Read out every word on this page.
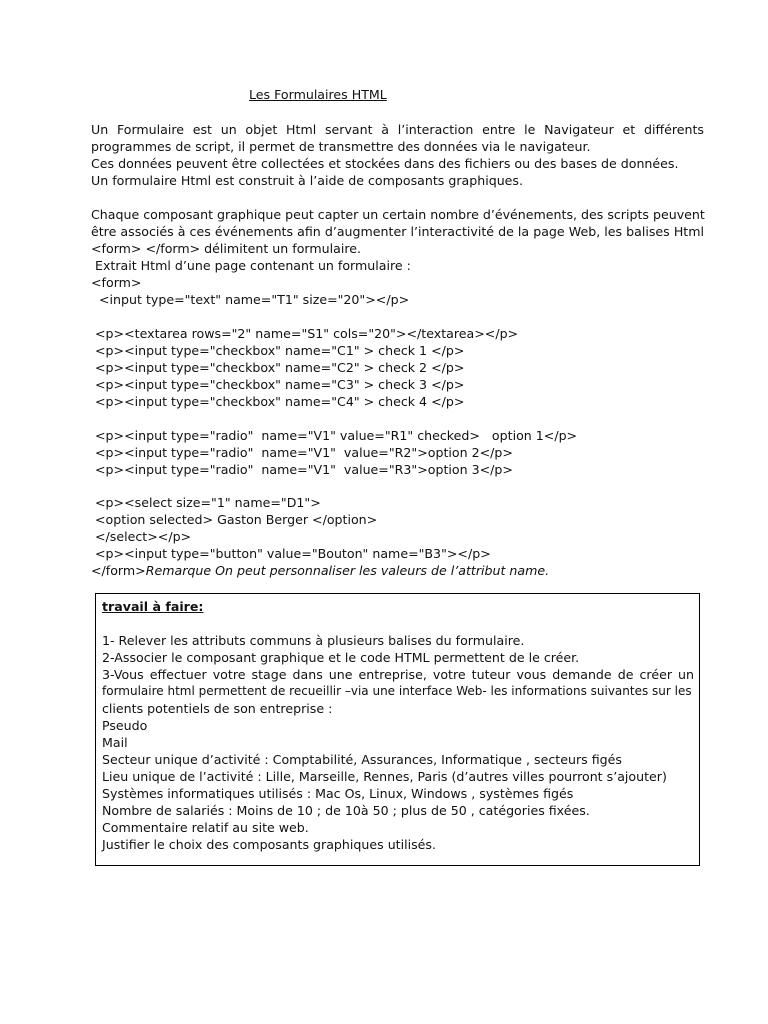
Les Formulaires HTML
Un Formulaire est un objet Html servant à l’interaction entre le Navigateur et différents
programmes de script, il permet de transmettre des données via le navigateur.
Ces données peuvent être collectées et stockées dans des fichiers ou des bases de données.
Un formulaire Html est construit à l’aide de composants graphiques.
Chaque composant graphique peut capter un certain nombre d’événements, des scripts peuvent
être associés à ces événements afin d’augmenter l’interactivité de la page Web, les balises Html
<form> </form> délimitent un formulaire.
Extrait Html d’une page contenant un formulaire :
<form>
<input type="text" name="T1" size="20"></p>
<p><textarea rows="2" name="S1" cols="20"></textarea></p>
<p><input type="checkbox" name="C1" > check 1 </p>
<p><input type="checkbox" name="C2" > check 2 </p>
<p><input type="checkbox" name="C3" > check 3 </p>
<p><input type="checkbox" name="C4" > check 4 </p>
<p><input type="radio"  name="V1" value="R1" checked>   option 1</p>
<p><input type="radio"  name="V1"  value="R2">option 2</p>
<p><input type="radio"  name="V1"  value="R3">option 3</p>
<p><select size="1" name="D1">
<option selected> Gaston Berger </option>
</select></p>
<p><input type="button" value="Bouton" name="B3"></p>
</form>Remarque On peut personnaliser les valeurs de l’attribut name.
travail à faire:
1- Relever les attributs communs à plusieurs balises du formulaire.
2-Associer le composant graphique et le code HTML permettent de le créer.
3-Vous effectuer votre stage dans une entreprise, votre tuteur vous demande de créer un
formulaire html permettent de recueillir –via une interface Web- les informations suivantes sur les
clients potentiels de son entreprise :
Pseudo
Mail
Secteur unique d’activité : Comptabilité, Assurances, Informatique , secteurs figés
Lieu unique de l’activité : Lille, Marseille, Rennes, Paris (d’autres villes pourront s’ajouter)
Systèmes informatiques utilisés : Mac Os, Linux, Windows , systèmes figés
Nombre de salariés : Moins de 10 ; de 10à 50 ; plus de 50 , catégories fixées.
Commentaire relatif au site web.
Justifier le choix des composants graphiques utilisés.
